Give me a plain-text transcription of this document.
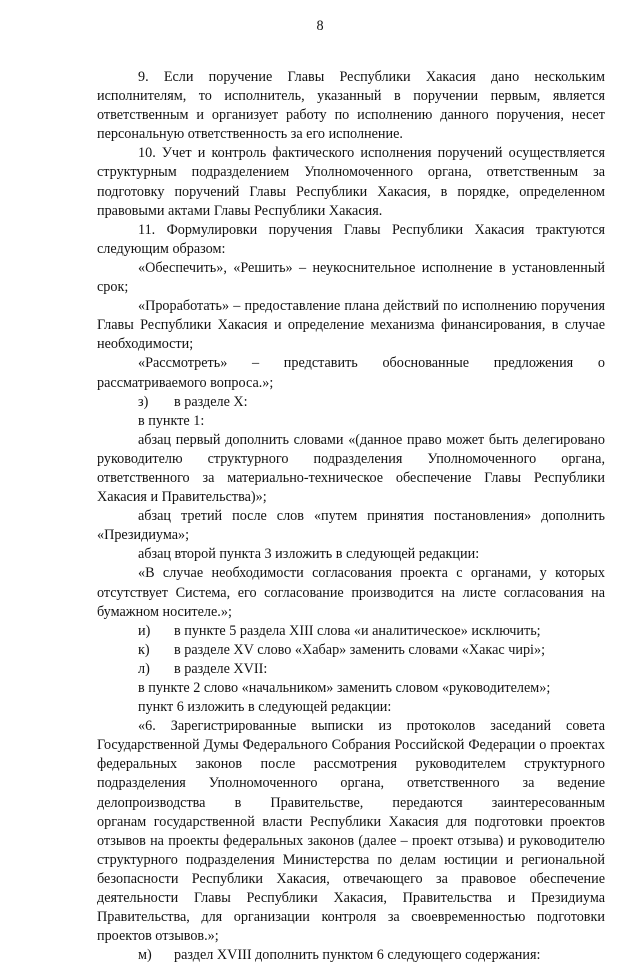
8
9. Если поручение Главы Республики Хакасия дано нескольким
исполнителям, то исполнитель, указанный в поручении первым, является
ответственным и организует работу по исполнению данного поручения, несет
персональную ответственность за его исполнение.
10. Учет и контроль фактического исполнения поручений осуществляется
структурным подразделением Уполномоченного органа, ответственным за
подготовку поручений Главы Республики Хакасия, в порядке, определенном
правовыми актами Главы Республики Хакасия.
11. Формулировки поручения Главы Республики Хакасия трактуются
следующим образом:
«Обеспечить», «Решить» – неукоснительное исполнение в установленный
срок;
«Проработать» – предоставление плана действий по исполнению поручения
Главы Республики Хакасия и определение механизма финансирования, в случае
необходимости;
«Рассмотреть» – представить обоснованные предложения о
рассматриваемого вопроса.»;
з) в разделе X:
в пункте 1:
абзац первый дополнить словами «(данное право может быть делегировано
руководителю структурного подразделения Уполномоченного органа,
ответственного за материально-техническое обеспечение Главы Республики
Хакасия и Правительства)»;
абзац третий после слов «путем принятия постановления» дополнить
«Президиума»;
абзац второй пункта 3 изложить в следующей редакции:
«В случае необходимости согласования проекта с органами, у которых
отсутствует Система, его согласование производится на листе согласования на
бумажном носителе.»;
и) в пункте 5 раздела XIII слова «и аналитическое» исключить;
к) в разделе XV слово «Хабар» заменить словами «Хакас чирі»;
л) в разделе XVII:
в пункте 2 слово «начальником» заменить словом «руководителем»;
пункт 6 изложить в следующей редакции:
«6. Зарегистрированные выписки из протоколов заседаний совета
Государственной Думы Федерального Собрания Российской Федерации о проектах
федеральных законов после рассмотрения руководителем структурного
подразделения Уполномоченного органа, ответственного за ведение
делопроизводства в Правительстве, передаются заинтересованным
органам государственной власти Республики Хакасия для подготовки проектов
отзывов на проекты федеральных законов (далее – проект отзыва) и руководителю
структурного подразделения Министерства по делам юстиции и региональной
безопасности Республики Хакасия, отвечающего за правовое обеспечение
деятельности Главы Республики Хакасия, Правительства и Президиума
Правительства, для организации контроля за своевременностью подготовки
проектов отзывов.»;
м) раздел XVIII дополнить пунктом 6 следующего содержания:
